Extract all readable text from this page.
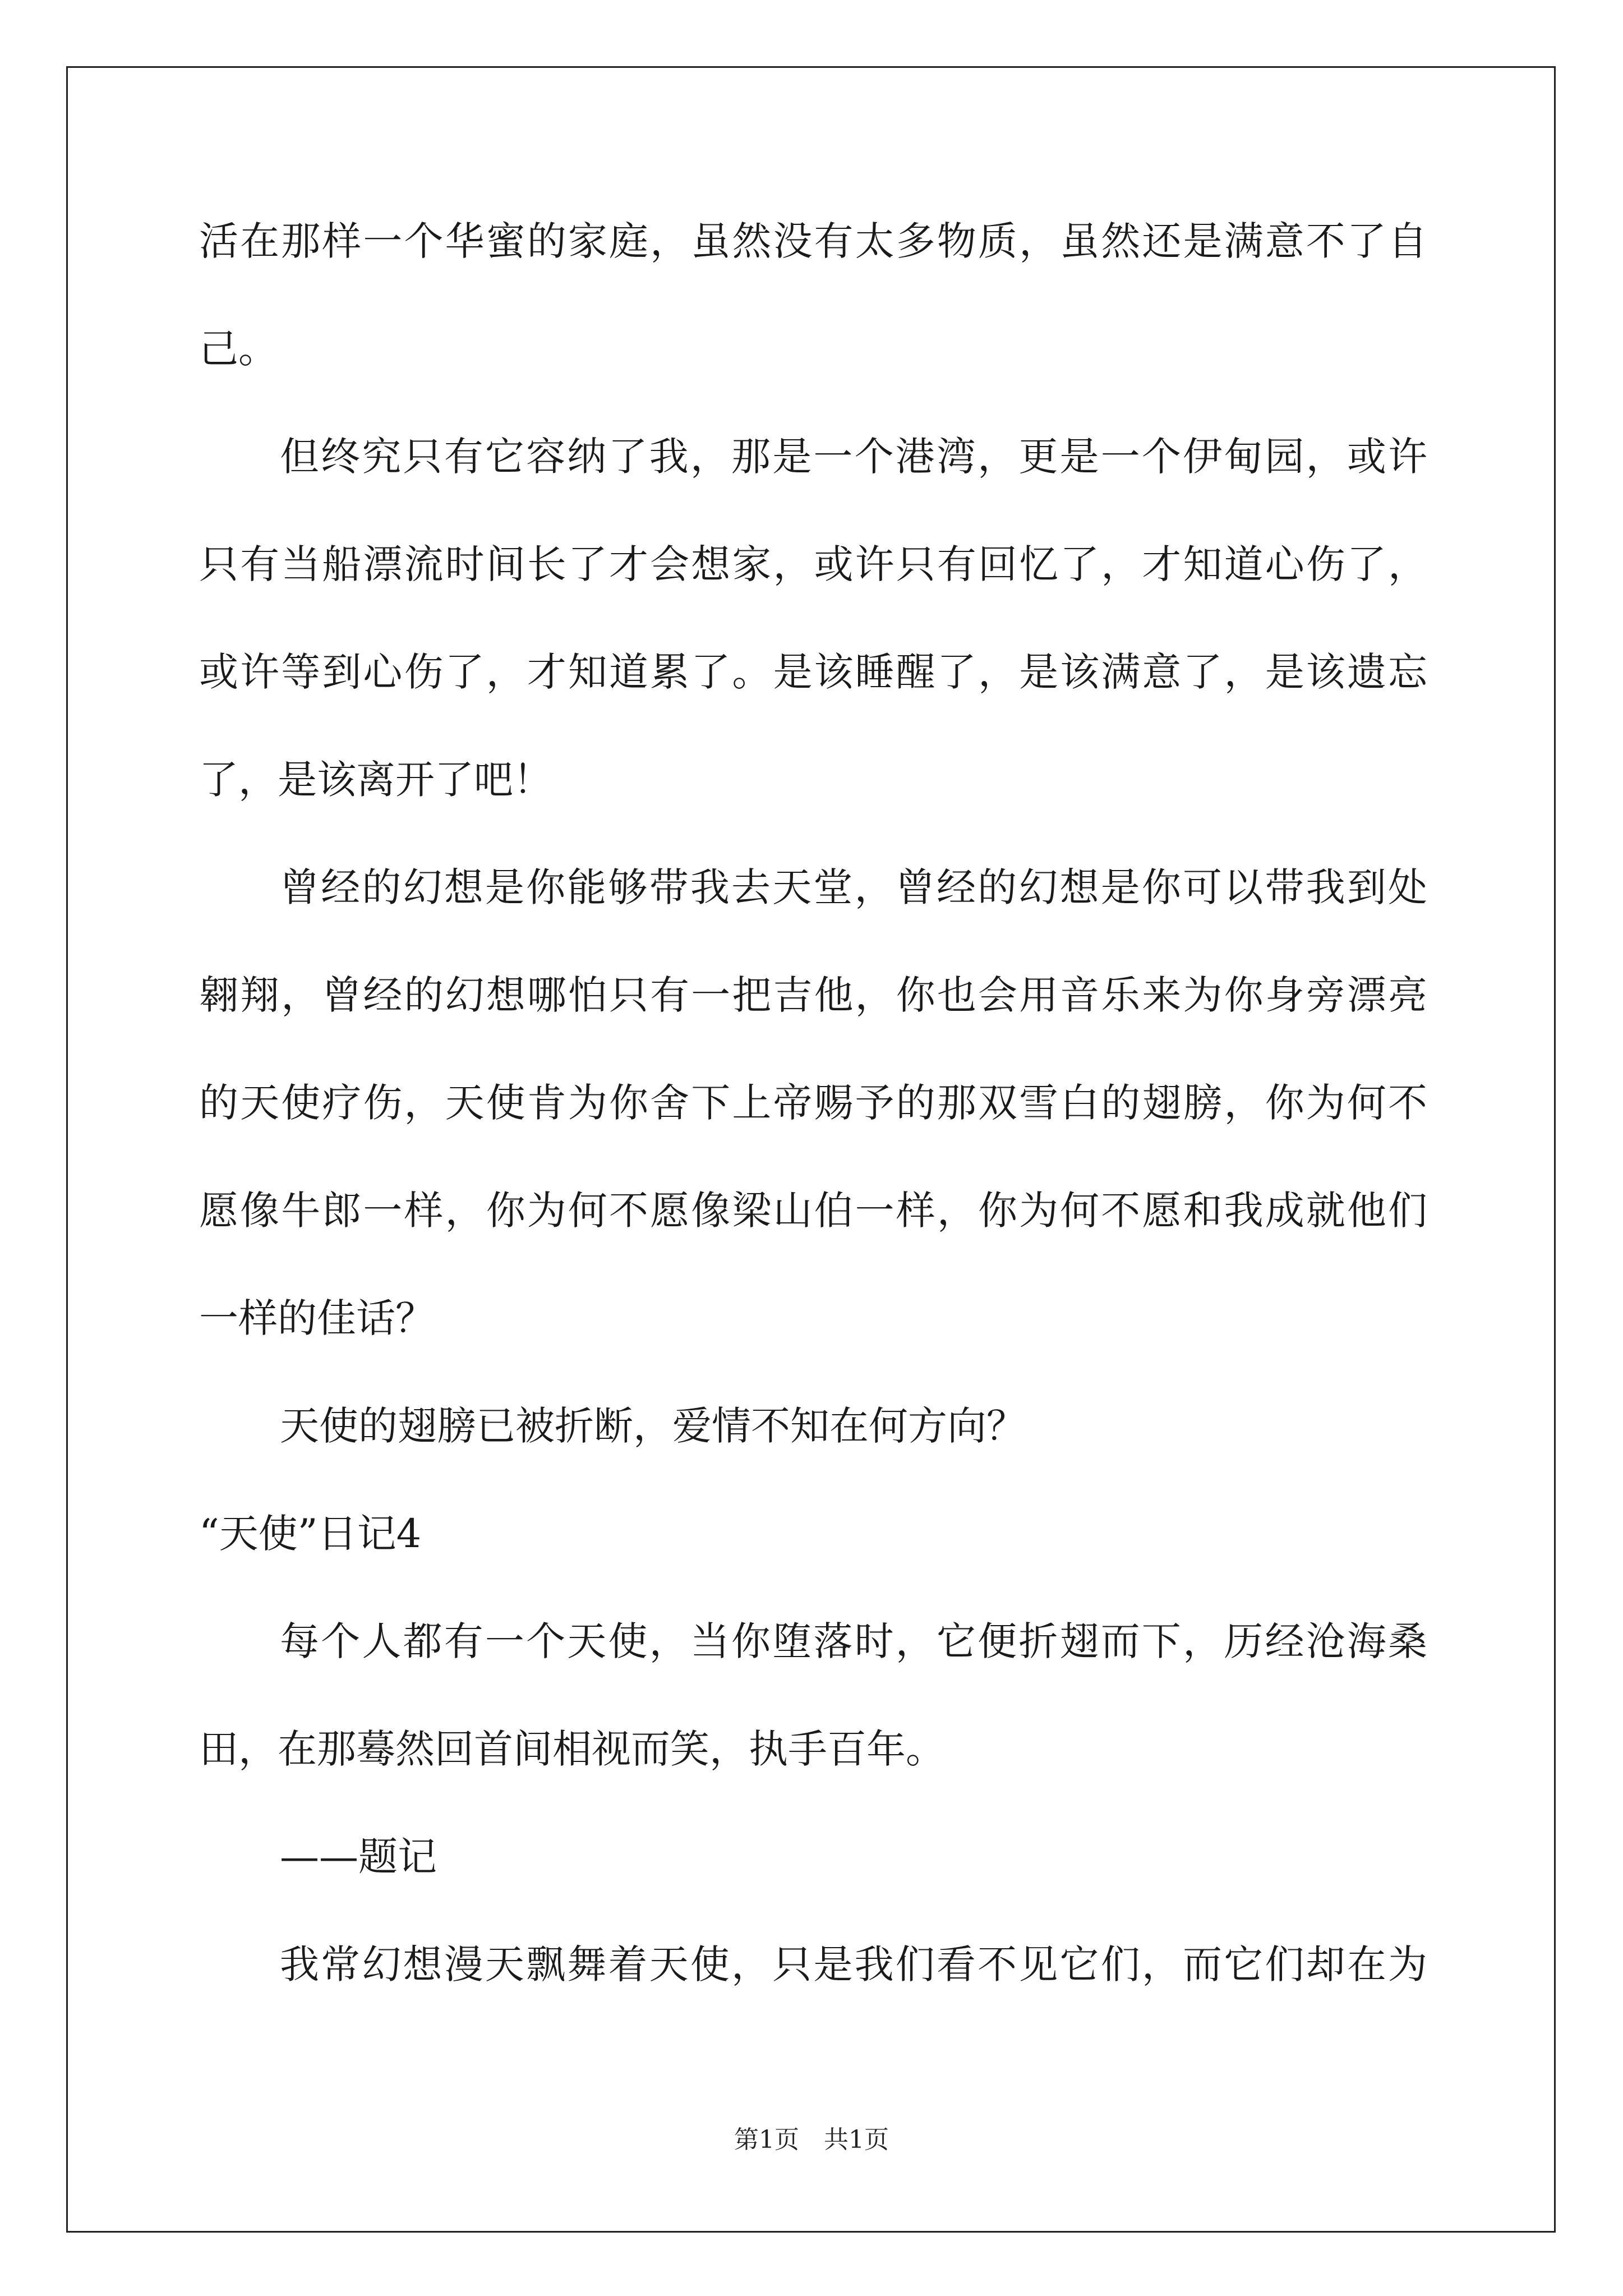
活在那样一个华蜜的家庭，虽然没有太多物质，虽然还是满意不了自

己。

但终究只有它容纳了我，那是一个港湾，更是一个伊甸园，或许

只有当船漂流时间长了才会想家，或许只有回忆了，才知道心伤了，

或许等到心伤了，才知道累了。是该睡醒了，是该满意了，是该遗忘

了，是该离开了吧！

曾经的幻想是你能够带我去天堂，曾经的幻想是你可以带我到处

翱翔，曾经的幻想哪怕只有一把吉他，你也会用音乐来为你身旁漂亮

的天使疗伤，天使肯为你舍下上帝赐予的那双雪白的翅膀，你为何不

愿像牛郎一样，你为何不愿像梁山伯一样，你为何不愿和我成就他们

一样的佳话？

天使的翅膀已被折断，爱情不知在何方向？

“天使”日记4

每个人都有一个天使，当你堕落时，它便折翅而下，历经沧海桑

田，在那蓦然回首间相视而笑，执手百年。

——题记

我常幻想漫天飘舞着天使，只是我们看不见它们，而它们却在为

第1页　共1页
